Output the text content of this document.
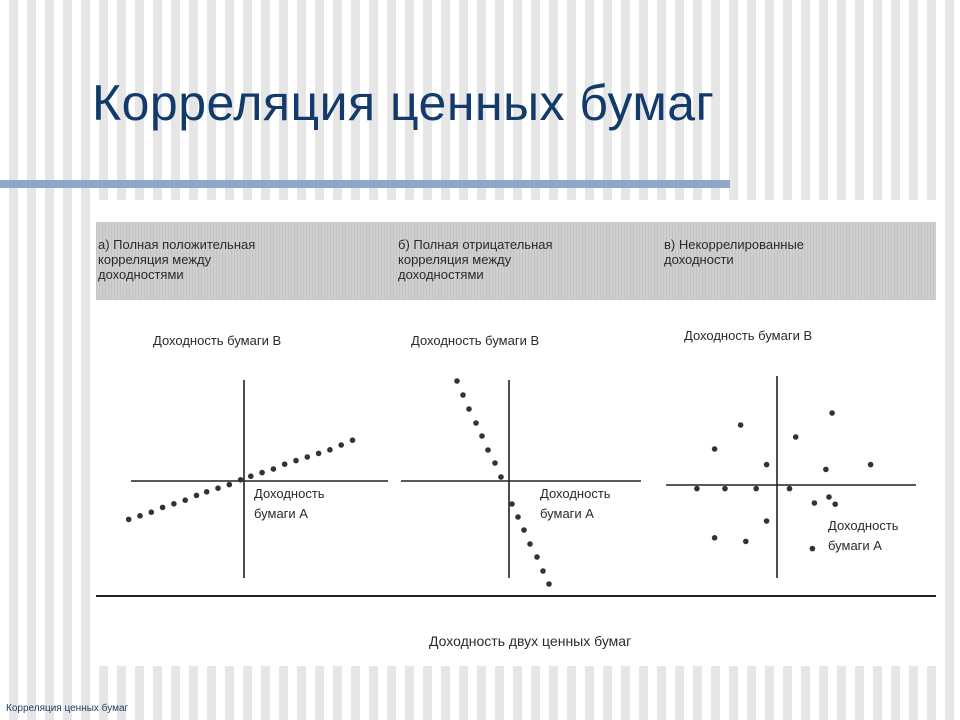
Корреляция ценных бумаг
а) Полная положительная
корреляция между
доходностями
б) Полная отрицательная
корреляция между
доходностями
в) Некоррелированные
доходности
Доходность бумаги B
Доходность
бумаги A
Доходность бумаги B
Доходность
бумаги A
Доходность бумаги B
Доходность
бумаги A
Доходность двух ценных бумаг
Корреляция ценных бумаг
